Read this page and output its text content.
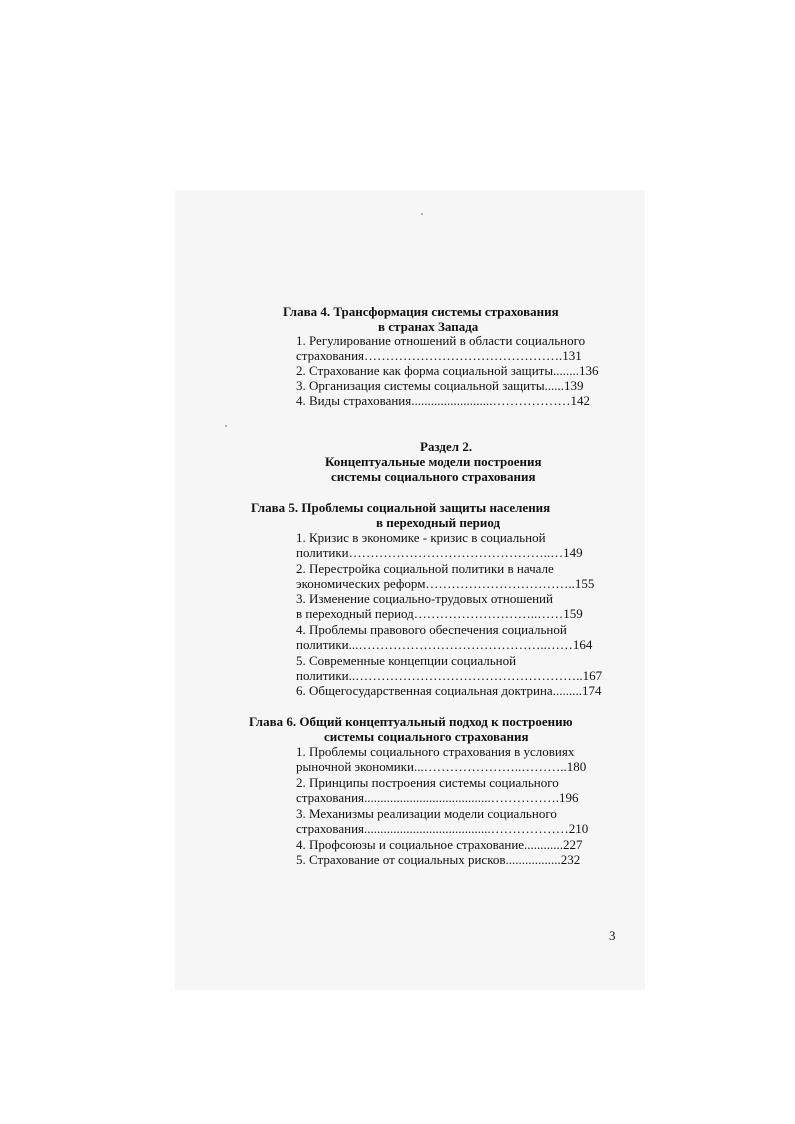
Глава 4. Трансформация системы страхования
в странах Запада
1. Регулирование отношений в области социального
страхования……………………………………….131
2. Страхование как форма социальной защиты........136
3. Организация системы социальной защиты......139
4. Виды страхования.........................………………142
Раздел 2.
Концептуальные модели построения
системы социального страхования
Глава 5. Проблемы социальной защиты населения
в переходный период
1. Кризис в экономике - кризис в социальной
политики………………………………………..…149
2. Перестройка социальной политики в начале
экономических реформ……………………………..155
3. Изменение социально-трудовых отношений
в переходный период………………………..……159
4. Проблемы правового обеспечения социальной
политики...……………………………………..……164
5. Современные концепции социальной
политики..……………………………………………..167
6. Общегосударственная социальная доктрина.........174
Глава 6. Общий концептуальный подход к построению
системы социального страхования
1. Проблемы социального страхования в условиях
рыночной экономики...…………………..………..180
2. Принципы построения системы социального
страхования.......................................…………….196
3. Механизмы реализации модели социального
страхования.......................................………………210
4. Профсоюзы и социальное страхование............227
5. Страхование от социальных рисков.................232
3
